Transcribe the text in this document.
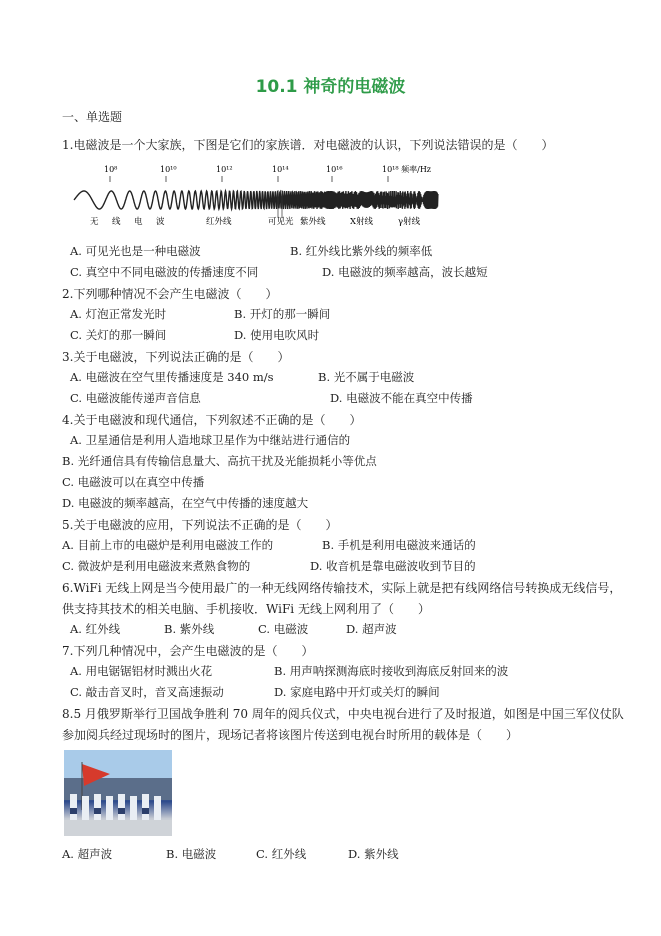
10.1 神奇的电磁波
一、单选题
1.电磁波是一个大家族，下图是它们的家族谱．对电磁波的认识，下列说法错误的是（　　）
10⁸	10¹⁰	10¹²	10¹⁴	10¹⁶	10¹⁸ 频率/Hz
无 线 电 波	红外线	可见光 紫外线	X射线	γ射线
A. 可见光也是一种电磁波	B. 红外线比紫外线的频率低
C. 真空中不同电磁波的传播速度不同	D. 电磁波的频率越高，波长越短
2.下列哪种情况不会产生电磁波（　　）
A. 灯泡正常发光时	B. 开灯的那一瞬间
C. 关灯的那一瞬间	D. 使用电吹风时
3.关于电磁波，下列说法正确的是（　　）
A. 电磁波在空气里传播速度是 340 m/s	B. 光不属于电磁波
C. 电磁波能传递声音信息	D. 电磁波不能在真空中传播
4.关于电磁波和现代通信，下列叙述不正确的是（　　）
A. 卫星通信是利用人造地球卫星作为中继站进行通信的
B. 光纤通信具有传输信息量大、高抗干扰及光能损耗小等优点
C. 电磁波可以在真空中传播
D. 电磁波的频率越高，在空气中传播的速度越大
5.关于电磁波的应用，下列说法不正确的是（　　）
A. 目前上市的电磁炉是利用电磁波工作的	B. 手机是利用电磁波来通话的
C. 微波炉是利用电磁波来煮熟食物的	D. 收音机是靠电磁波收到节目的
6.WiFi 无线上网是当今使用最广的一种无线网络传输技术，实际上就是把有线网络信号转换成无线信号，
供支持其技术的相关电脑、手机接收．WiFi 无线上网利用了（　　）
A. 红外线	B. 紫外线	C. 电磁波	D. 超声波
7.下列几种情况中，会产生电磁波的是（　　）
A. 用电锯锯铝材时溅出火花	B. 用声呐探测海底时接收到海底反射回来的波
C. 敲击音叉时，音叉高速振动	D. 家庭电路中开灯或关灯的瞬间
8.5 月俄罗斯举行卫国战争胜利 70 周年的阅兵仪式，中央电视台进行了及时报道，如图是中国三军仪仗队
参加阅兵经过现场时的图片，现场记者将该图片传送到电视台时所用的载体是（　　）
A. 超声波	B. 电磁波	C. 红外线	D. 紫外线
